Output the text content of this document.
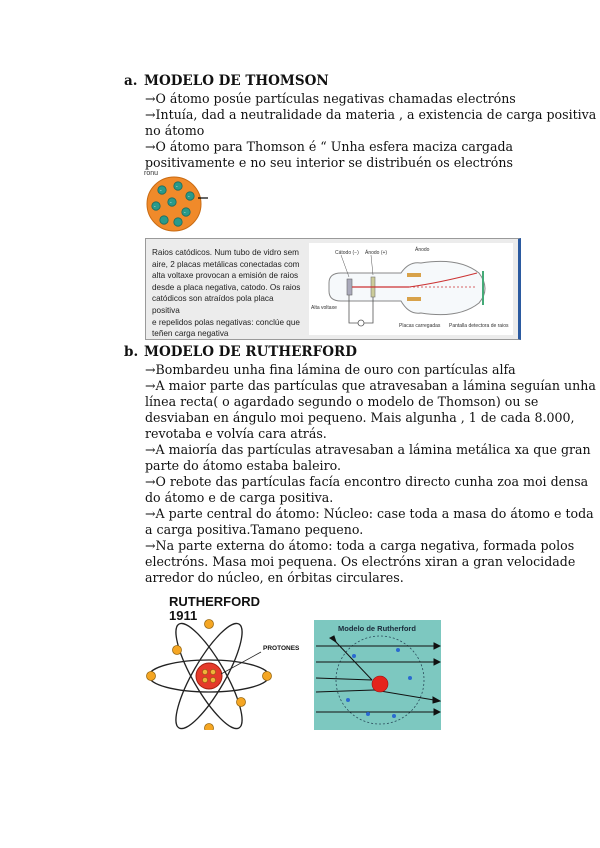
a. MODELO DE THOMSON
→O átomo posúe partículas negativas chamadas electróns
→Intuía, dad a neutralidade da materia , a existencia de carga positiva
no átomo
→O átomo para Thomson é “ Unha esfera maciza cargada
positivamente e no seu interior se distribuén os electróns
ronu
-
-
-
-
-
-
Raios catódicos. Num tubo de vidro sem
aire, 2 placas metálicas conectadas com
alta voltaxe provocan a emisión de raios
desde a placa negativa, catodo. Os raios
catódicos son atraídos pola placa positiva
e repelidos polas negativas: conclúe que
teñen carga negativa
Cátodo (−) Ánodo (+)	Ánodo
Placas carregadas
Alta voltaxe
Pantalla detectora de raios
b. MODELO DE RUTHERFORD
→Bombardeu unha fina lámina de ouro con partículas alfa
→A maior parte das partículas que atravesaban a lámina seguían unha
línea recta( o agardado segundo o modelo de Thomson) ou se
desviaban en ángulo moi pequeno. Mais algunha , 1 de cada 8.000,
revotaba e volvía cara atrás.
→A maioría das partículas atravesaban a lámina metálica xa que gran
parte do átomo estaba baleiro.
→O rebote das partículas facía encontro directo cunha zoa moi densa
do átomo e de carga positiva.
→A parte central do átomo: Núcleo: case toda a masa do átomo e toda
a carga positiva.Tamano pequeno.
→Na parte externa do átomo: toda a carga negativa, formada polos
electróns. Masa moi pequena. Os electróns xiran a gran velocidade
arredor do núcleo, en órbitas circulares.
RUTHERFORD
1911
PROTONES
Modelo de Rutherford
